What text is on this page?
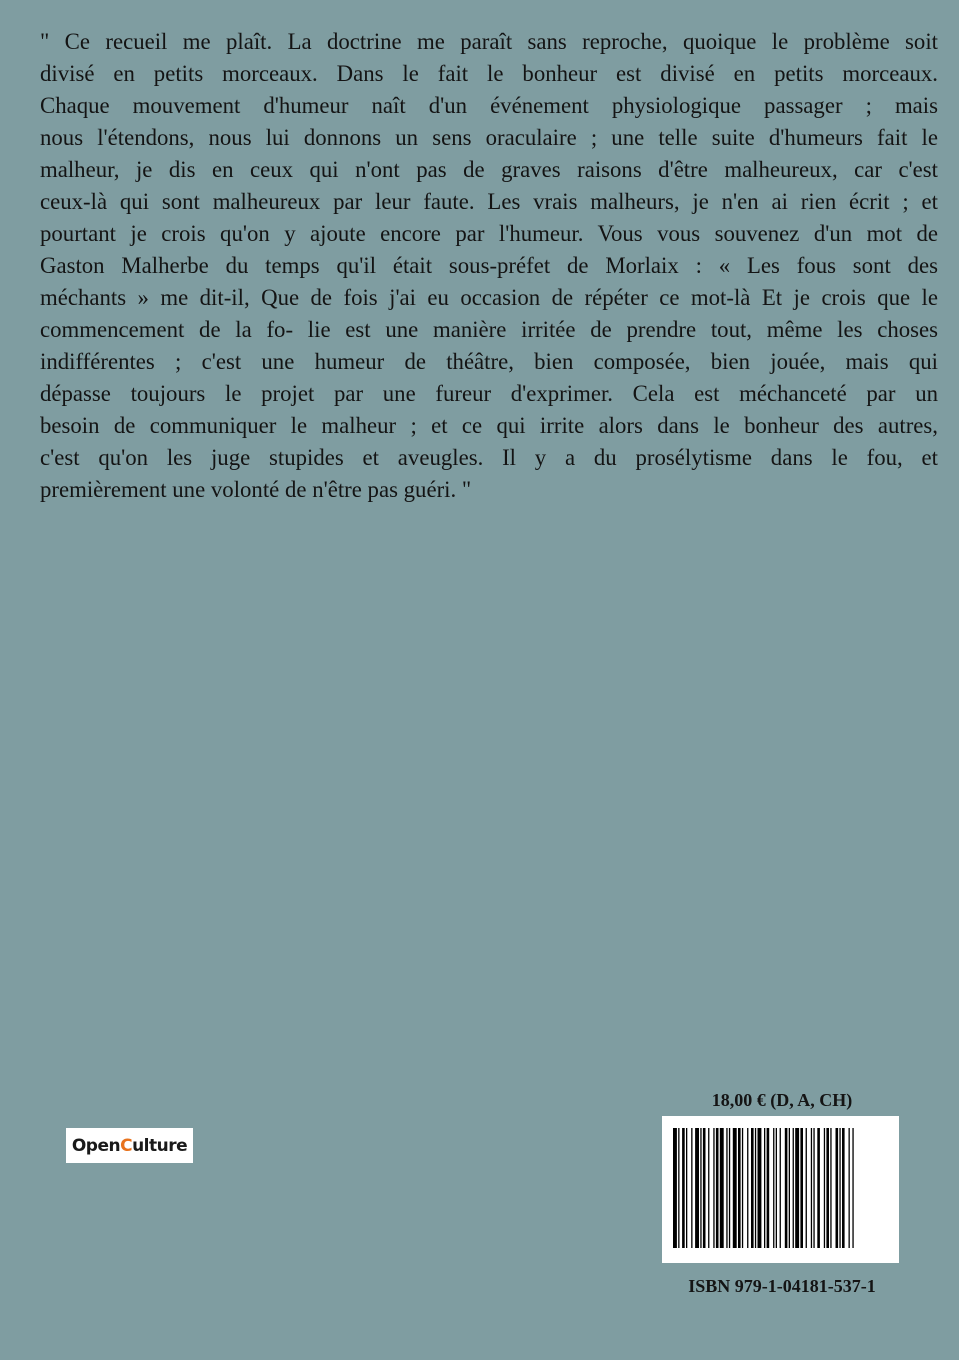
" Ce recueil me plaît. La doctrine me paraît sans reproche, quoique le problème soit
divisé en petits morceaux. Dans le fait le bonheur est divisé en petits morceaux.
Chaque mouvement d'humeur naît d'un événement physiologique passager ; mais
nous l'étendons, nous lui donnons un sens oraculaire ; une telle suite d'humeurs fait le
malheur, je dis en ceux qui n'ont pas de graves raisons d'être malheureux, car c'est
ceux-là qui sont malheureux par leur faute. Les vrais malheurs, je n'en ai rien écrit ; et
pourtant je crois qu'on y ajoute encore par l'humeur. Vous vous souvenez d'un mot de
Gaston Malherbe du temps qu'il était sous-préfet de Morlaix : « Les fous sont des
méchants » me dit-il, Que de fois j'ai eu occasion de répéter ce mot-là Et je crois que le
commencement de la fo- lie est une manière irritée de prendre tout, même les choses
indifférentes ; c'est une humeur de théâtre, bien composée, bien jouée, mais qui
dépasse toujours le projet par une fureur d'exprimer. Cela est méchanceté par un
besoin de communiquer le malheur ; et ce qui irrite alors dans le bonheur des autres,
c'est qu'on les juge stupides et aveugles. Il y a du prosélytisme dans le fou, et
premièrement une volonté de n'être pas guéri. "
Open C ulture
18,00 € (D, A, CH)
ISBN 979-1-04181-537-1
